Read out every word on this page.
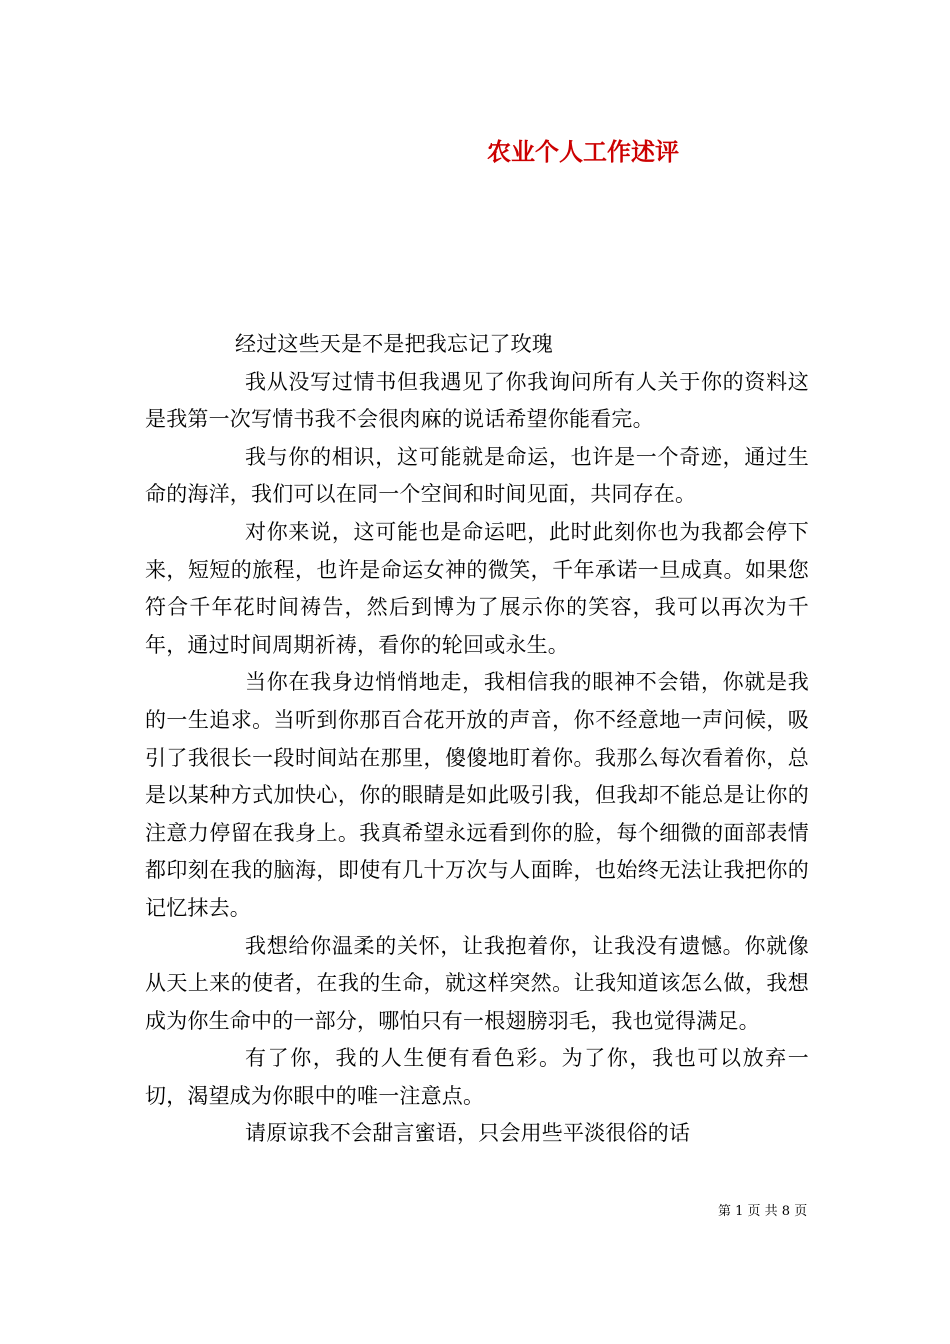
农业个人工作述评

经过这些天是不是把我忘记了玫瑰

我从没写过情书但我遇见了你我询问所有人关于你的资料这是我第一次写情书我不会很肉麻的说话希望你能看完。

我与你的相识，这可能就是命运，也许是一个奇迹，通过生命的海洋，我们可以在同一个空间和时间见面，共同存在。

对你来说，这可能也是命运吧，此时此刻你也为我都会停下来，短短的旅程，也许是命运女神的微笑，千年承诺一旦成真。如果您符合千年花时间祷告，然后到博为了展示你的笑容，我可以再次为千年，通过时间周期祈祷，看你的轮回或永生。

当你在我身边悄悄地走，我相信我的眼神不会错，你就是我的一生追求。当听到你那百合花开放的声音，你不经意地一声问候，吸引了我很长一段时间站在那里，傻傻地盯着你。我那么每次看着你，总是以某种方式加快心，你的眼睛是如此吸引我，但我却不能总是让你的注意力停留在我身上。我真希望永远看到你的脸，每个细微的面部表情都印刻在我的脑海，即使有几十万次与人面眸，也始终无法让我把你的记忆抹去。

我想给你温柔的关怀，让我抱着你，让我没有遗憾。你就像从天上来的使者，在我的生命，就这样突然。让我知道该怎么做，我想成为你生命中的一部分，哪怕只有一根翅膀羽毛，我也觉得满足。

有了你，我的人生便有看色彩。为了你，我也可以放弃一切，渴望成为你眼中的唯一注意点。

请原谅我不会甜言蜜语，只会用些平淡很俗的话

第 1 页 共 8 页
